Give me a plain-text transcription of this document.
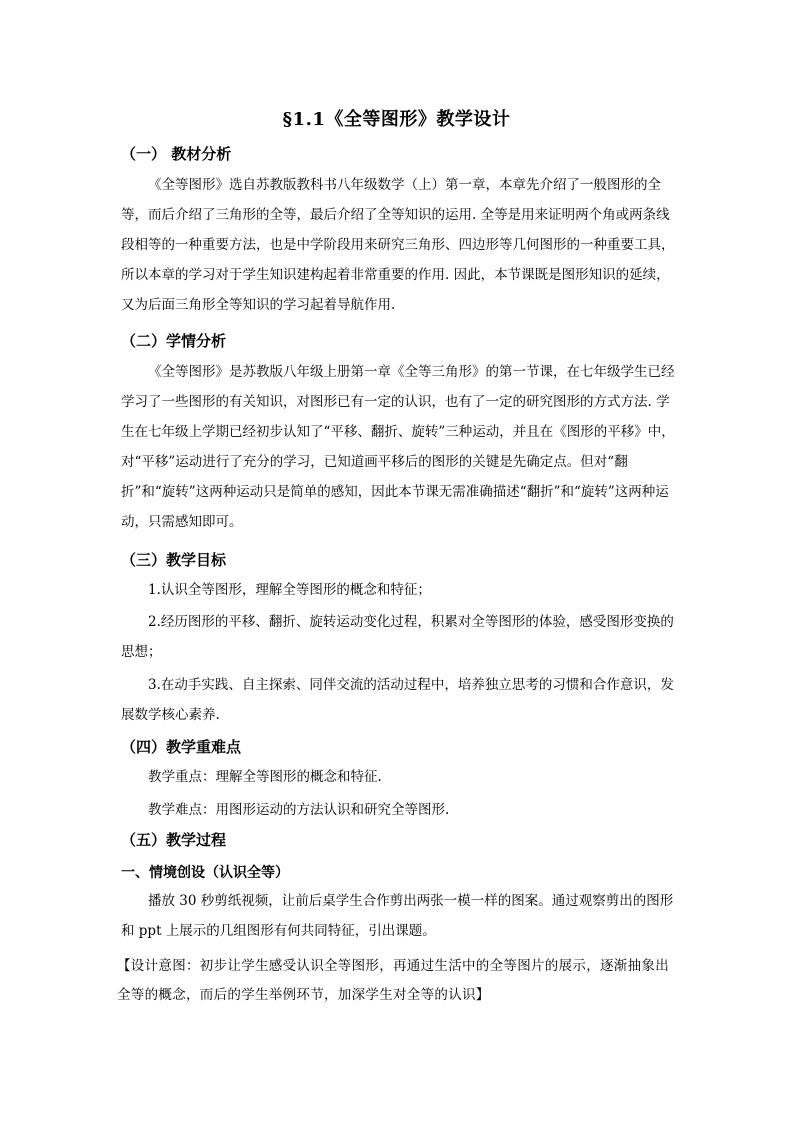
§1.1《全等图形》教学设计
（一） 教材分析
《全等图形》选自苏教版教科书八年级数学（上）第一章，本章先介绍了一般图形的全等，而后介绍了三角形的全等，最后介绍了全等知识的运用. 全等是用来证明两个角或两条线段相等的一种重要方法，也是中学阶段用来研究三角形、四边形等几何图形的一种重要工具，所以本章的学习对于学生知识建构起着非常重要的作用. 因此，本节课既是图形知识的延续，又为后面三角形全等知识的学习起着导航作用.
（二）学情分析
《全等图形》是苏教版八年级上册第一章《全等三角形》的第一节课，在七年级学生已经学习了一些图形的有关知识，对图形已有一定的认识，也有了一定的研究图形的方式方法. 学生在七年级上学期已经初步认知了“平移、翻折、旋转”三种运动，并且在《图形的平移》中，对“平移”运动进行了充分的学习，已知道画平移后的图形的关键是先确定点。但对“翻折”和“旋转”这两种运动只是简单的感知，因此本节课无需准确描述“翻折”和“旋转”这两种运动，只需感知即可。
（三）教学目标
1.认识全等图形，理解全等图形的概念和特征；
2.经历图形的平移、翻折、旋转运动变化过程，积累对全等图形的体验，感受图形变换的思想；
3.在动手实践、自主探索、同伴交流的活动过程中，培养独立思考的习惯和合作意识，发展数学核心素养.
（四）教学重难点
教学重点：理解全等图形的概念和特征.
教学难点：用图形运动的方法认识和研究全等图形.
（五）教学过程
一、情境创设（认识全等）
播放 30 秒剪纸视频，让前后桌学生合作剪出两张一模一样的图案。通过观察剪出的图形和 ppt 上展示的几组图形有何共同特征，引出课题。
【设计意图：初步让学生感受认识全等图形，再通过生活中的全等图片的展示，逐渐抽象出全等的概念，而后的学生举例环节，加深学生对全等的认识】
